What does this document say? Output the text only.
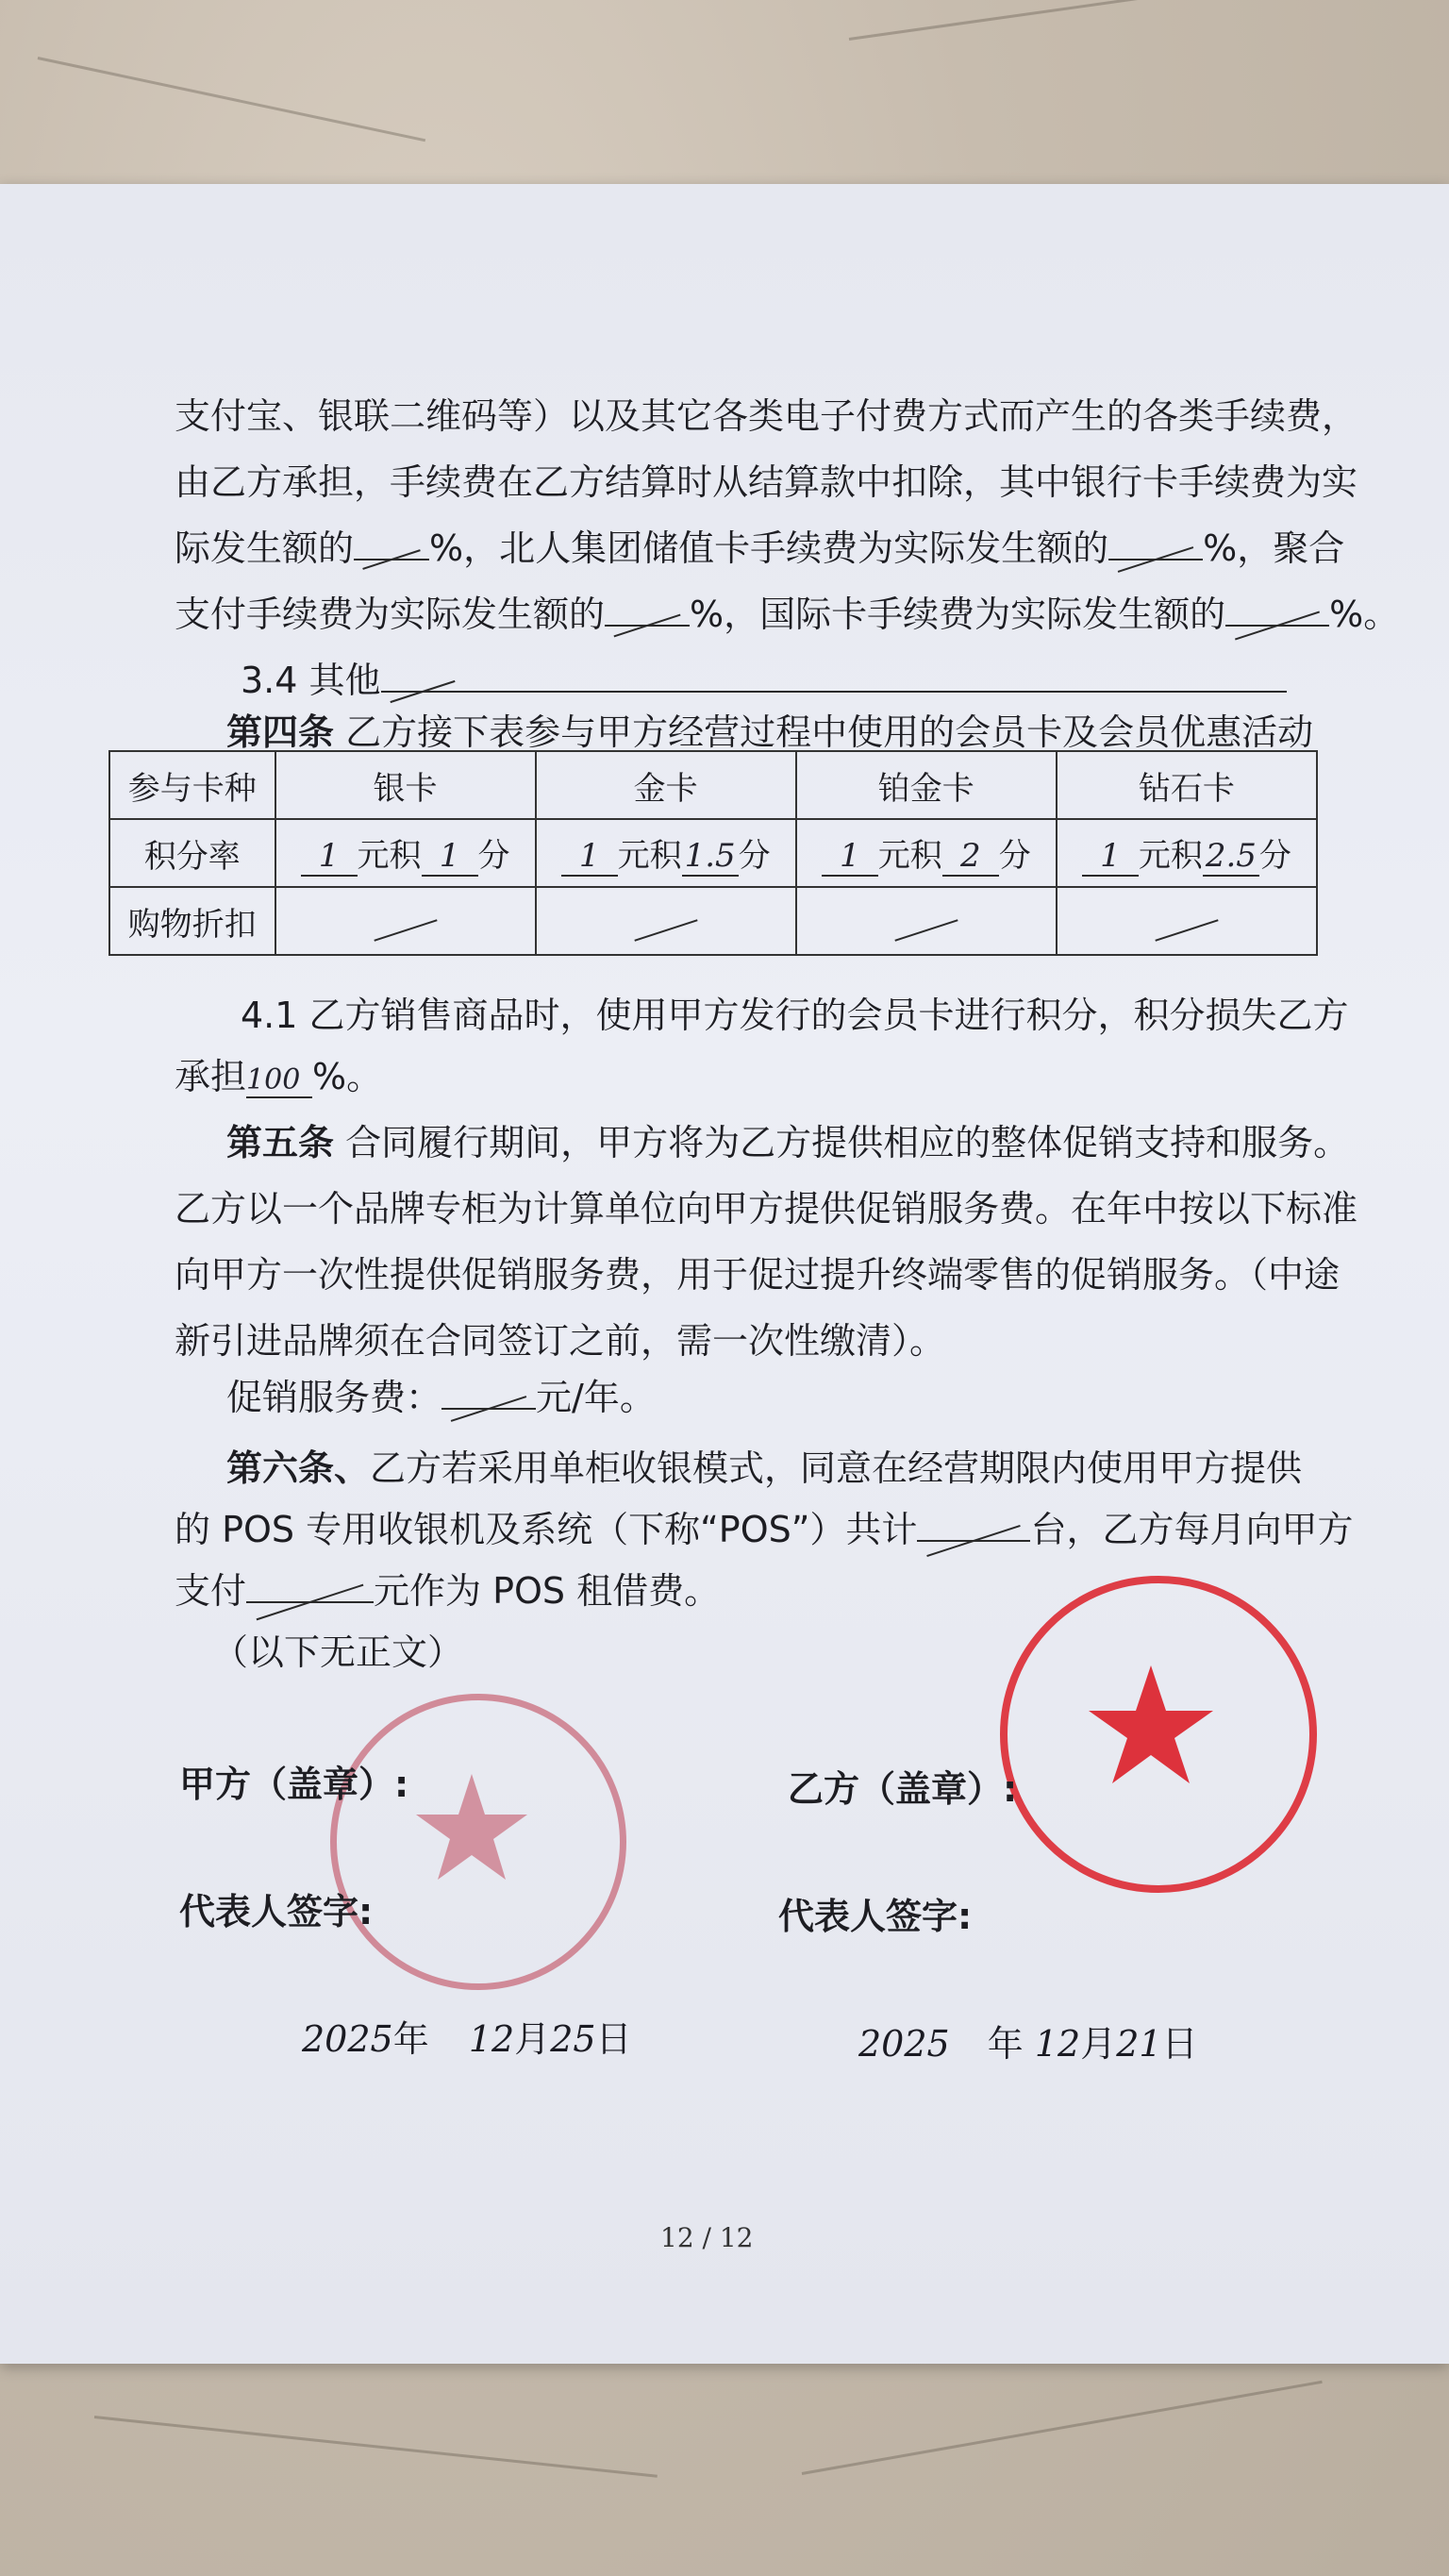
支付宝、银联二维码等）以及其它各类电子付费方式而产生的各类手续费，
由乙方承担，手续费在乙方结算时从结算款中扣除，其中银行卡手续费为实
际发生额的 %，北人集团储值卡手续费为实际发生额的	%，聚合
支付手续费为实际发生额的 %，国际卡手续费为实际发生额的	%。
3.4 其他
第四条 乙方接下表参与甲方经营过程中使用的会员卡及会员优惠活动
参与卡种	银卡	金卡	铂金卡	钻石卡
积分率	1 元积 1 分	1 元积1.5分	1 元积 2 分	1 元积2.5分
购物折扣				
4.1 乙方销售商品时，使用甲方发行的会员卡进行积分，积分损失乙方
承担100 %。
第五条 合同履行期间，甲方将为乙方提供相应的整体促销支持和服务。
乙方以一个品牌专柜为计算单位向甲方提供促销服务费。在年中按以下标准
向甲方一次性提供促销服务费，用于促过提升终端零售的促销服务。（中途
新引进品牌须在合同签订之前，需一次性缴清）。
促销服务费：	元/年。
第六条、乙方若采用单柜收银模式，同意在经营期限内使用甲方提供
的 POS 专用收银机及系统（下称“POS”）共计	台，乙方每月向甲方
支付	元作为 POS 租借费。
（以下无正文）
甲方（盖章）:	乙方（盖章）:
代表人签字:	代表人签字:
2025年 12月25日	2025 年 12月21日
12 / 12
